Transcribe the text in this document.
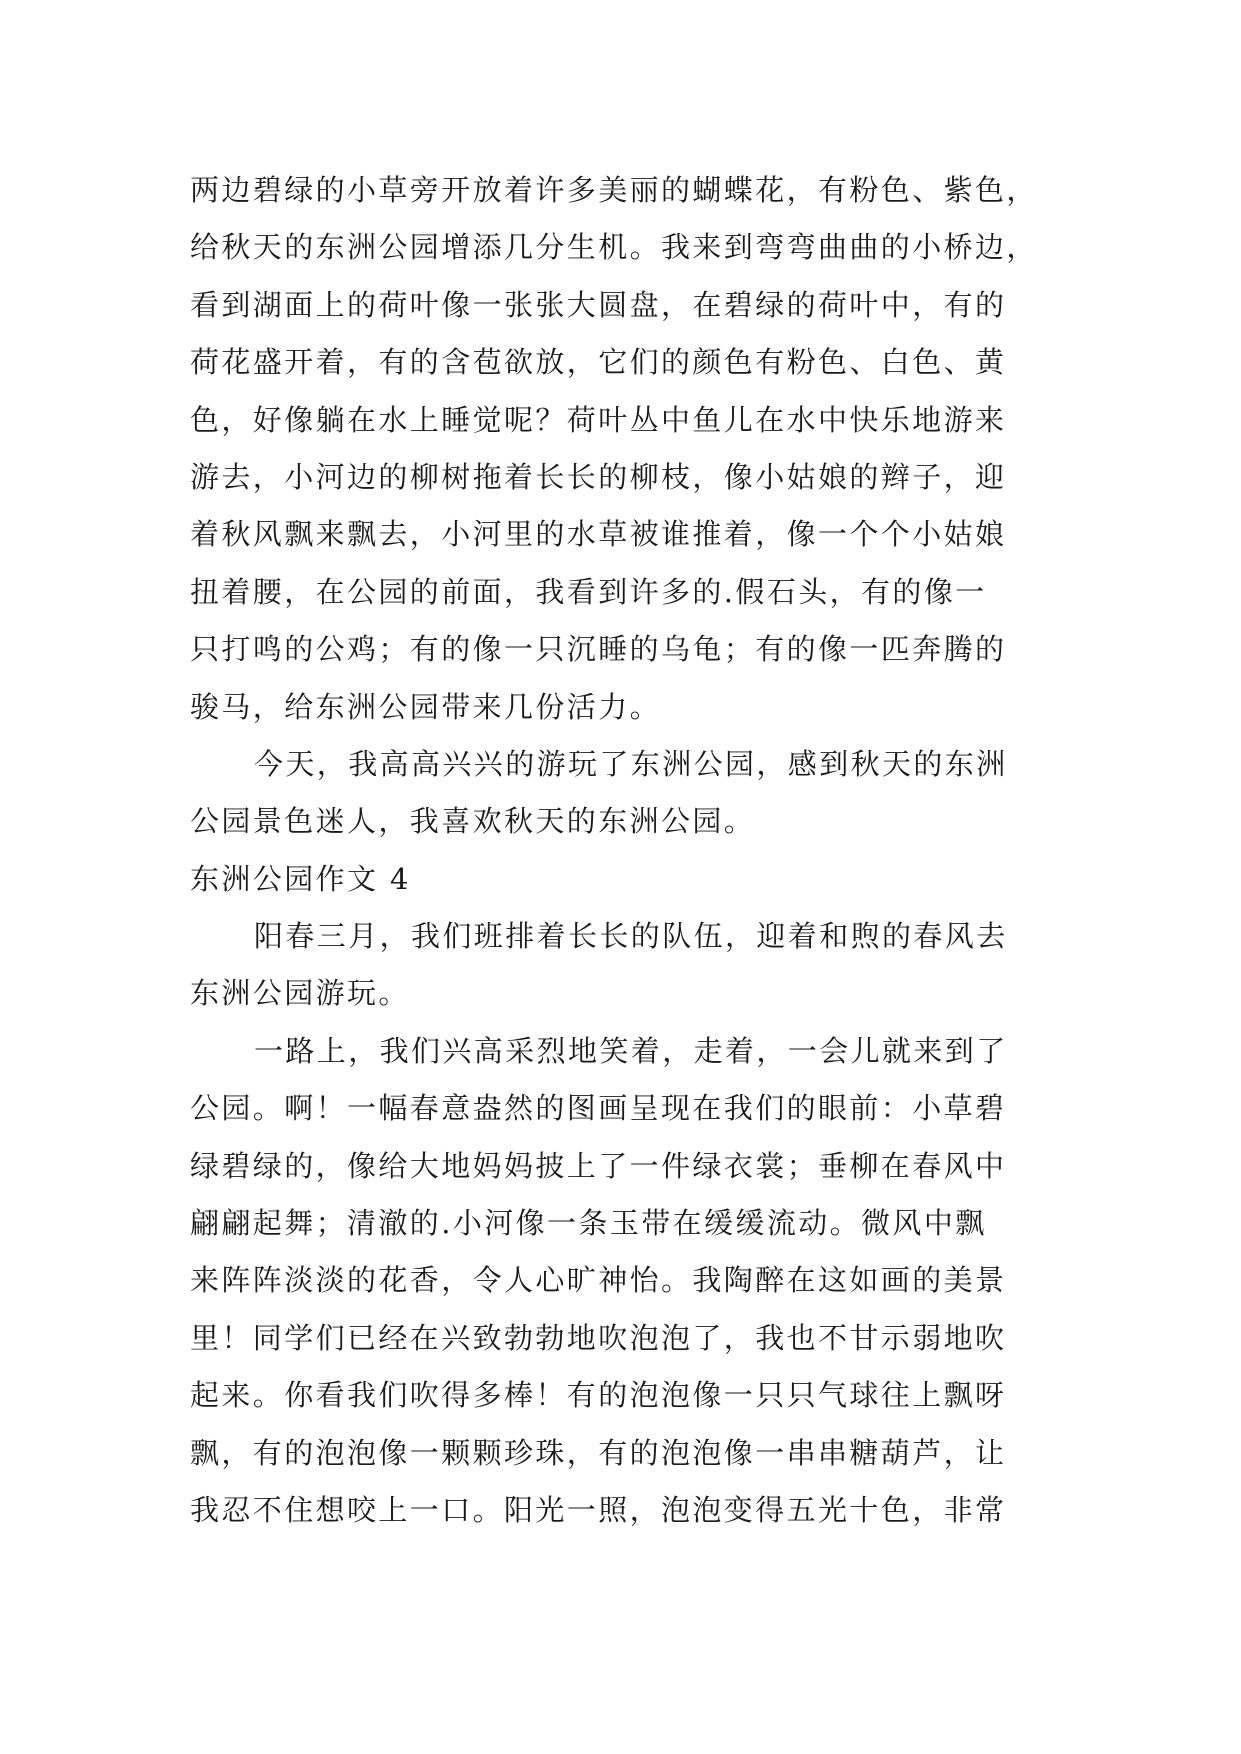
两边碧绿的小草旁开放着许多美丽的蝴蝶花，有粉色、紫色，
给秋天的东洲公园增添几分生机。我来到弯弯曲曲的小桥边，
看到湖面上的荷叶像一张张大圆盘，在碧绿的荷叶中，有的
荷花盛开着，有的含苞欲放，它们的颜色有粉色、白色、黄
色，好像躺在水上睡觉呢？荷叶丛中鱼儿在水中快乐地游来
游去，小河边的柳树拖着长长的柳枝，像小姑娘的辫子，迎
着秋风飘来飘去，小河里的水草被谁推着，像一个个小姑娘
扭着腰，在公园的前面，我看到许多的.假石头，有的像一
只打鸣的公鸡；有的像一只沉睡的乌龟；有的像一匹奔腾的
骏马，给东洲公园带来几份活力。
今天，我高高兴兴的游玩了东洲公园，感到秋天的东洲
公园景色迷人，我喜欢秋天的东洲公园。
东洲公园作文 4
阳春三月，我们班排着长长的队伍，迎着和煦的春风去
东洲公园游玩。
一路上，我们兴高采烈地笑着，走着，一会儿就来到了
公园。啊！一幅春意盎然的图画呈现在我们的眼前：小草碧
绿碧绿的，像给大地妈妈披上了一件绿衣裳；垂柳在春风中
翩翩起舞；清澈的.小河像一条玉带在缓缓流动。微风中飘
来阵阵淡淡的花香，令人心旷神怡。我陶醉在这如画的美景
里！同学们已经在兴致勃勃地吹泡泡了，我也不甘示弱地吹
起来。你看我们吹得多棒！有的泡泡像一只只气球往上飘呀
飘，有的泡泡像一颗颗珍珠，有的泡泡像一串串糖葫芦，让
我忍不住想咬上一口。阳光一照，泡泡变得五光十色，非常
